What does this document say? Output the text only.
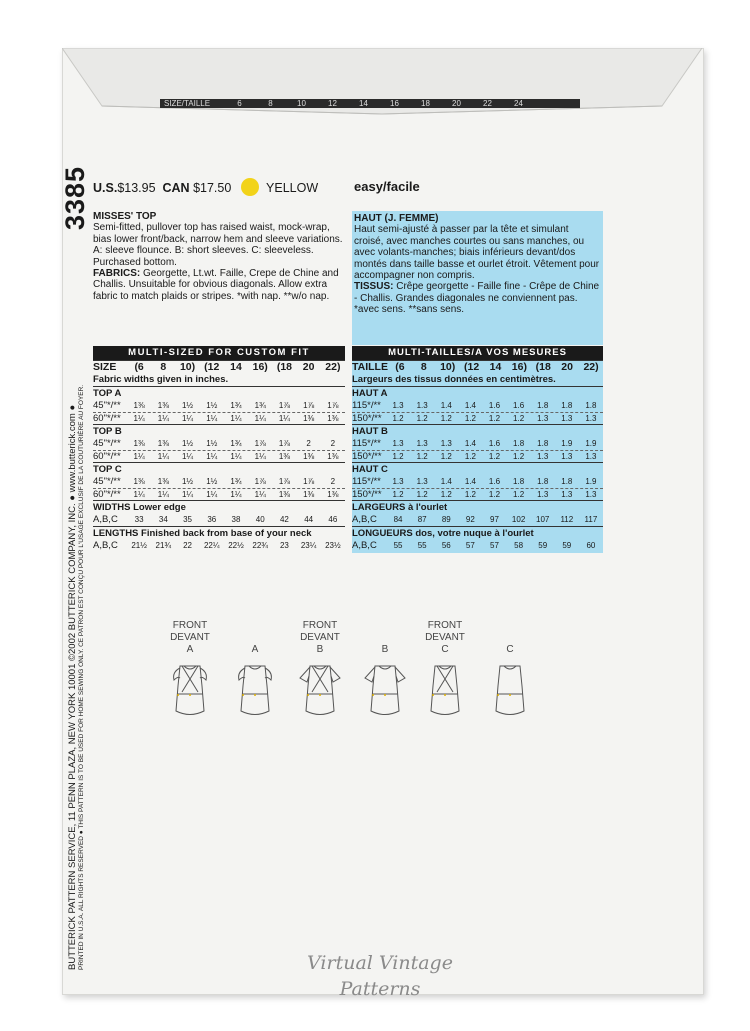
SIZE/TAILLE	6	8	10	12	14	16	18	20	22	24
BUTTERICK PATTERN SERVICE, 11 PENN PLAZA, NEW YORK 10001 ©2002 BUTTERICK COMPANY, INC. ● www.butterick.com ● PRINTED IN U.S.A. ALL RIGHTS RESERVED ● THIS PATTERN IS TO BE USED FOR HOME SEWING ONLY. CE PATRON EST CONÇU POUR L'USAGE EXCLUSIF DE LA COUTURIÈRE AU FOYER.
3385 U.S.$13.95 CAN $17.50	YELLOW	easy/facile
MISSES' TOP
Semi-fitted, pullover top has raised waist, mock-wrap, bias lower front/back, narrow hem and sleeve variations. A: sleeve flounce. B: short sleeves. C: sleeveless. Purchased bottom.
FABRICS: Georgette, Lt.wt. Faille, Crepe de Chine and Challis. Unsuitable for obvious diagonals. Allow extra fabric to match plaids or stripes. *with nap. **w/o nap.
HAUT (J. FEMME)
Haut semi-ajusté à passer par la tête et simulant croisé, avec manches courtes ou sans manches, ou avec volants-manches; biais inférieurs devant/dos montés dans taille basse et ourlet étroit. Vêtement pour accompagner non compris.
TISSUS: Crêpe georgette - Faille fine - Crêpe de Chine - Challis. Grandes diagonales ne conviennent pas. *avec sens. **sans sens.
MULTI-SIZED FOR CUSTOM FIT
SIZE	(6	8	10) (12	14	16) (18	20	22)
Fabric widths given in inches.
TOP A
45"*/**	1⅜	1⅜	1½	1½	1¾	1¾	1⅞	1⅞	1⅞
60"*/**	1¼	1¼	1¼	1¼	1¼	1¼	1¼	1⅜	1⅜
TOP B
45"*/**	1⅜	1⅜	1½	1½	1¾	1⅞	1⅞	2	2
60"*/**	1¼	1¼	1¼	1¼	1¼	1¼	1⅜	1⅜	1⅜
TOP C
45"*/**	1⅜	1⅜	1½	1½	1¾	1⅞	1⅞	1⅞	2
60"*/**	1¼	1¼	1¼	1¼	1¼	1¼	1⅜	1⅜	1⅜
WIDTHS Lower edge
A,B,C	33	34	35	36	38	40	42	44	46
LENGTHS Finished back from base of your neck
A,B,C	21½	21¾	22	22¼	22½	22¾	23	23¼	23½
MULTI-TAILLES/A VOS MESURES
TAILLE (6	8	10) (12 14 16) (18 20 22)
Largeurs des tissus données en centimètres.
HAUT A
115*/**	1.3	1.3	1.4	1.4	1.6	1.6	1.8	1.8	1.8
150*/**	1.2	1.2	1.2	1.2	1.2	1.2	1.3	1.3	1.3
HAUT B
115*/**	1.3	1.3	1.3	1.4	1.6	1.8	1.8	1.9	1.9
150*/**	1.2	1.2	1.2	1.2	1.2	1.2	1.3	1.3	1.3
HAUT C
115*/**	1.3	1.3	1.4	1.4	1.6	1.8	1.8	1.8	1.9
150*/**	1.2	1.2	1.2	1.2	1.2	1.2	1.3	1.3	1.3
LARGEURS à l'ourlet
A,B,C	84	87	89	92	97	102	107	112	117
LONGUEURS dos, votre nuque à l'ourlet
A,B,C	55	55	56	57	57	58	59	59	60
FRONT
DEVANT
A

	A
FRONT
DEVANT
B

	B
FRONT
DEVANT
C

	C
Virtual Vintage
Patterns
